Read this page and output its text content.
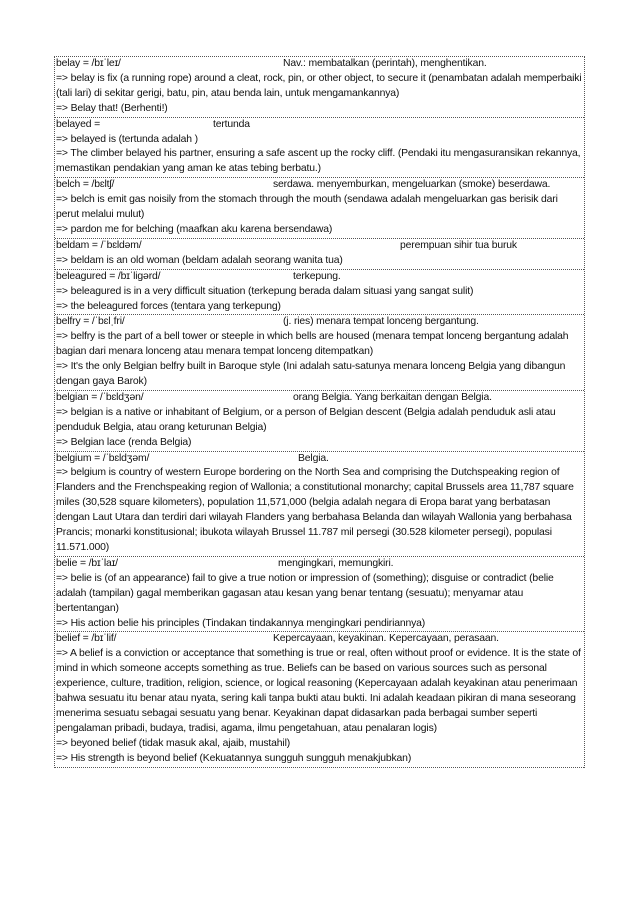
belay = /bɪˈleɪ/	Nav.: membatalkan (perintah), menghentikan.
=> belay is fix (a running rope) around a cleat, rock, pin, or other object, to secure it (penambatan adalah memperbaiki (tali lari) di sekitar gerigi, batu, pin, atau benda lain, untuk mengamankannya)
=> Belay that! (Berhenti!)
belayed =	tertunda
=> belayed is (tertunda adalah )
=> The climber belayed his partner, ensuring a safe ascent up the rocky cliff. (Pendaki itu mengasuransikan rekannya, memastikan pendakian yang aman ke atas tebing berbatu.)
belch = /bɛltʃ/	serdawa. menyemburkan, mengeluarkan (smoke) beserdawa.
=> belch is emit gas noisily from the stomach through the mouth (sendawa adalah mengeluarkan gas berisik dari perut melalui mulut)
=> pardon me for belching (maafkan aku karena bersendawa)
beldam = /ˈbɛldəm/	perempuan sihir tua buruk
=> beldam is an old woman (beldam adalah seorang wanita tua)
beleagured = /bɪˈliɡərd/	terkepung.
=> beleagured is in a very difficult situation (terkepung berada dalam situasi yang sangat sulit)
=> the beleagured forces (tentara yang terkepung)
belfry = /ˈbɛlˌfri/	(j. ries) menara tempat lonceng bergantung.
=> belfry is the part of a bell tower or steeple in which bells are housed (menara tempat lonceng bergantung adalah bagian dari menara lonceng atau menara tempat lonceng ditempatkan)
=> It's the only Belgian belfry built in Baroque style (Ini adalah satu-satunya menara lonceng Belgia yang dibangun dengan gaya Barok)
belgian = /ˈbɛldʒən/	orang Belgia. Yang berkaitan dengan Belgia.
=> belgian is a native or inhabitant of Belgium, or a person of Belgian descent (Belgia adalah penduduk asli atau penduduk Belgia, atau orang keturunan Belgia)
=> Belgian lace (renda Belgia)
belgium = /ˈbɛldʒəm/	Belgia.
=> belgium is country of western Europe bordering on the North Sea and comprising the Dutchspeaking region of Flanders and the Frenchspeaking region of Wallonia; a constitutional monarchy; capital Brussels area 11,787 square miles (30,528 square kilometers), population 11,571,000 (belgia adalah negara di Eropa barat yang berbatasan dengan Laut Utara dan terdiri dari wilayah Flanders yang berbahasa Belanda dan wilayah Wallonia yang berbahasa Prancis; monarki konstitusional; ibukota wilayah Brussel 11.787 mil persegi (30.528 kilometer persegi), populasi 11.571.000)
belie = /bɪˈlaɪ/	mengingkari, memungkiri.
=> belie is (of an appearance) fail to give a true notion or impression of (something); disguise or contradict (belie adalah (tampilan) gagal memberikan gagasan atau kesan yang benar tentang (sesuatu); menyamar atau bertentangan)
=> His action belie his principles (Tindakan tindakannya mengingkari pendiriannya)
belief = /bɪˈlif/	Kepercayaan, keyakinan. Kepercayaan, perasaan.
=> A belief is a conviction or acceptance that something is true or real, often without proof or evidence. It is the state of mind in which someone accepts something as true. Beliefs can be based on various sources such as personal experience, culture, tradition, religion, science, or logical reasoning (Kepercayaan adalah keyakinan atau penerimaan bahwa sesuatu itu benar atau nyata, sering kali tanpa bukti atau bukti. Ini adalah keadaan pikiran di mana seseorang menerima sesuatu sebagai sesuatu yang benar. Keyakinan dapat didasarkan pada berbagai sumber seperti pengalaman pribadi, budaya, tradisi, agama, ilmu pengetahuan, atau penalaran logis)
=> beyoned belief (tidak masuk akal, ajaib, mustahil)
=> His strength is beyond belief (Kekuatannya sungguh sungguh menakjubkan)
